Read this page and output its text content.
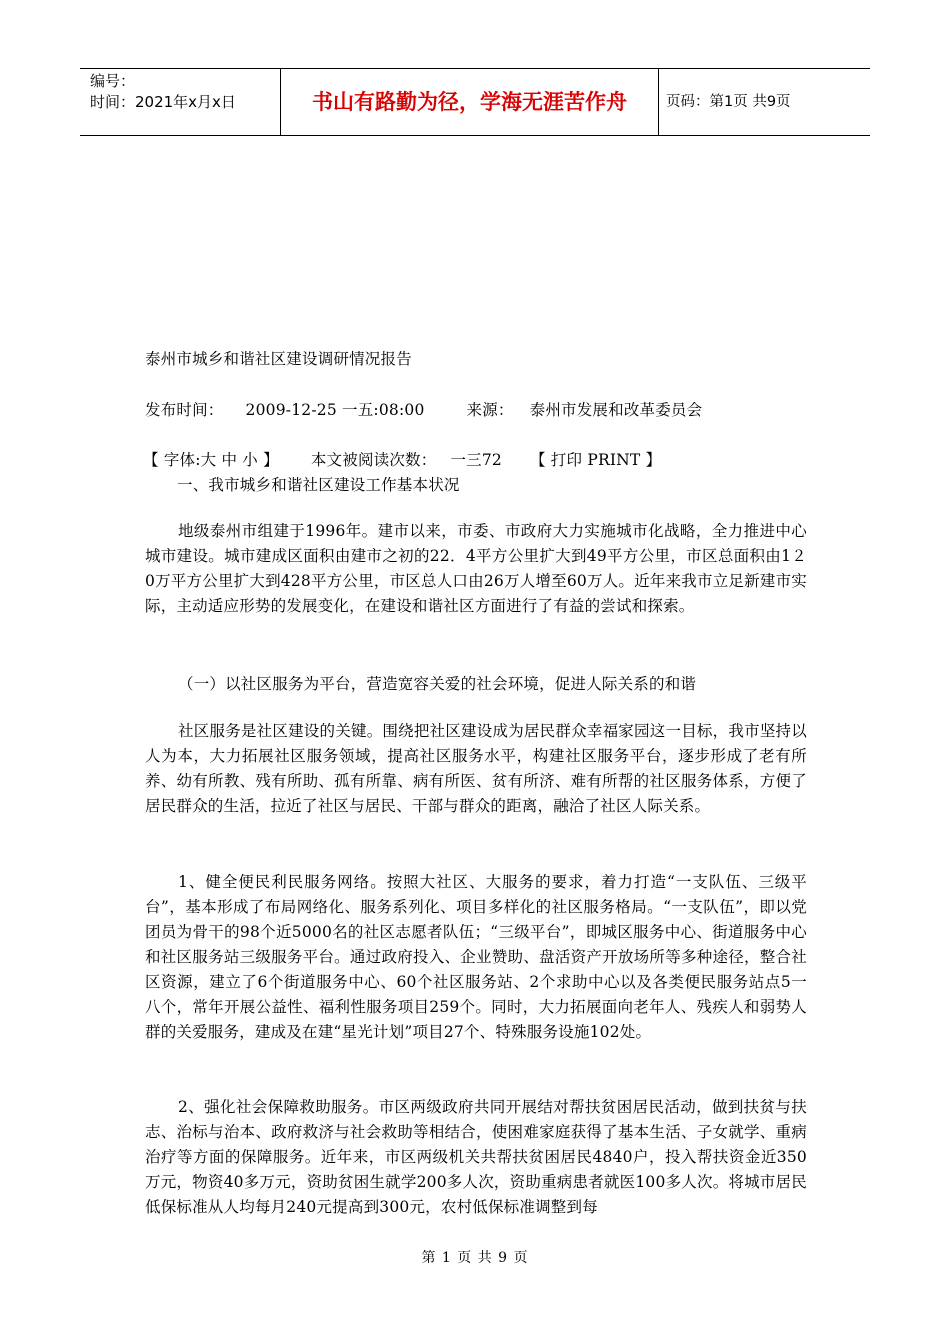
编号：
时间：2021年x月x日	书山有路勤为径，学海无涯苦作舟	页码：第1页 共9页
泰州市城乡和谐社区建设调研情况报告
发布时间： 2009-12-25 一五:08:00	来源： 泰州市发展和改革委员会
【 字体:大 中 小 】 本文被阅读次数： 一三72 【 打印 PRINT 】
一、我市城乡和谐社区建设工作基本状况
地级泰州市组建于1996年。建市以来，市委、市政府大力实施城市化战略，全力推进中心城市建设。城市建成区面积由建市之初的22．4平方公里扩大到49平方公里，市区总面积由1２0万平方公里扩大到428平方公里，市区总人口由26万人增至60万人。近年来我市立足新建市实际，主动适应形势的发展变化，在建设和谐社区方面进行了有益的尝试和探索。
（一）以社区服务为平台，营造宽容关爱的社会环境，促进人际关系的和谐
社区服务是社区建设的关键。围绕把社区建设成为居民群众幸福家园这一目标，我市坚持以人为本，大力拓展社区服务领域，提高社区服务水平，构建社区服务平台，逐步形成了老有所养、幼有所教、残有所助、孤有所靠、病有所医、贫有所济、难有所帮的社区服务体系，方便了居民群众的生活，拉近了社区与居民、干部与群众的距离，融洽了社区人际关系。
1、健全便民利民服务网络。按照大社区、大服务的要求，着力打造“一支队伍、三级平台”，基本形成了布局网络化、服务系列化、项目多样化的社区服务格局。“一支队伍”，即以党团员为骨干的98个近5000名的社区志愿者队伍；“三级平台”，即城区服务中心、街道服务中心和社区服务站三级服务平台。通过政府投入、企业赞助、盘活资产开放场所等多种途径，整合社区资源，建立了6个街道服务中心、60个社区服务站、2个求助中心以及各类便民服务站点5一八个，常年开展公益性、福利性服务项目259个。同时，大力拓展面向老年人、残疾人和弱势人群的关爱服务，建成及在建“星光计划”项目27个、特殊服务设施102处。
2、强化社会保障救助服务。市区两级政府共同开展结对帮扶贫困居民活动，做到扶贫与扶志、治标与治本、政府救济与社会救助等相结合，使困难家庭获得了基本生活、子女就学、重病治疗等方面的保障服务。近年来，市区两级机关共帮扶贫困居民4840户，投入帮扶资金近350万元，物资40多万元，资助贫困生就学200多人次，资助重病患者就医100多人次。将城市居民低保标准从人均每月240元提高到300元，农村低保标准调整到每
第 1 页 共 9 页
